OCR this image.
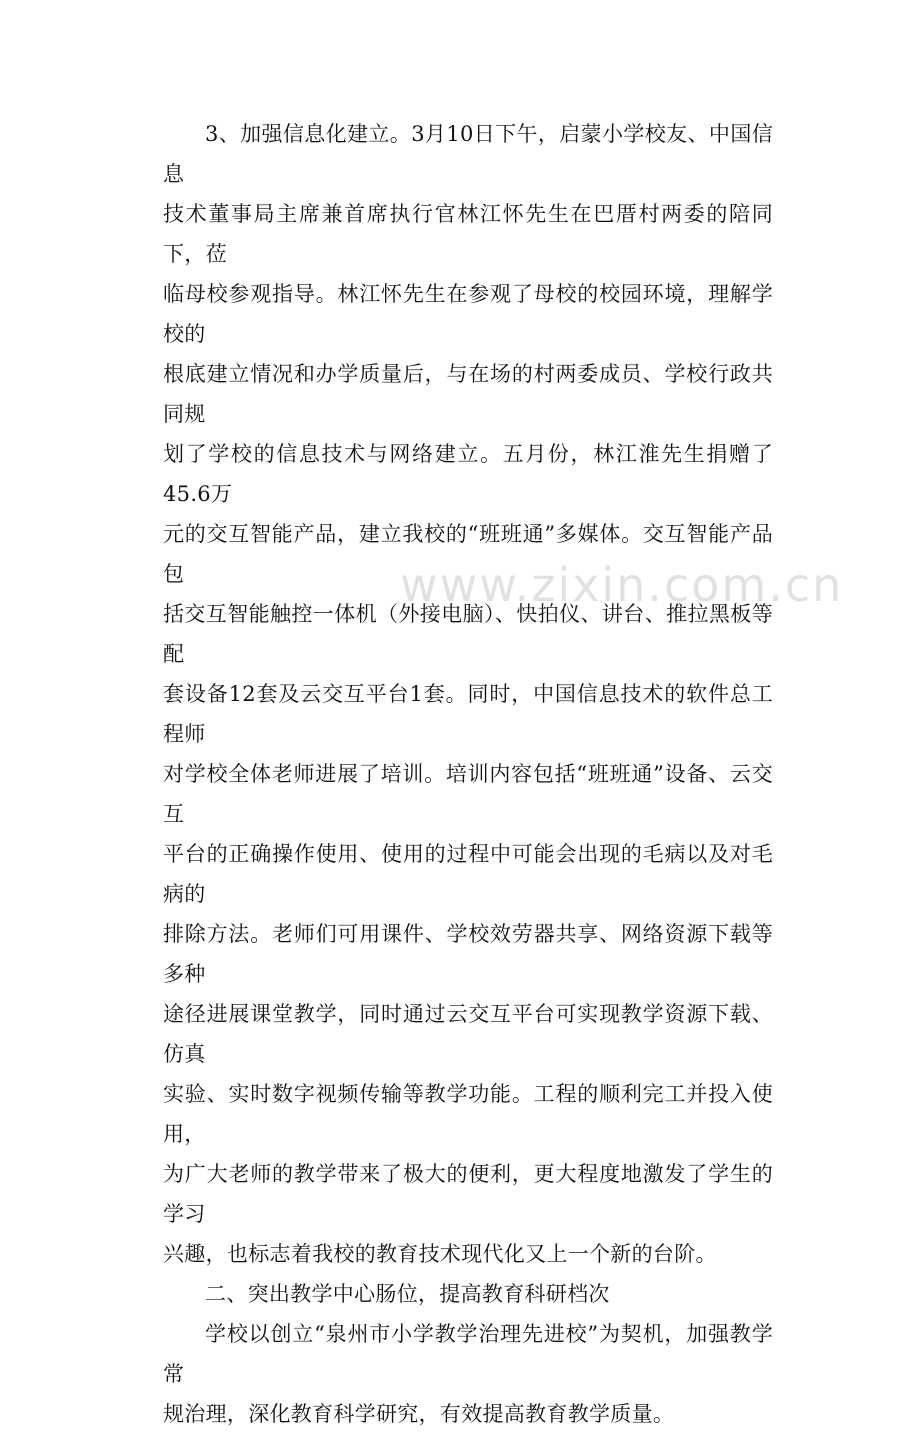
3、加强信息化建立。3月10日下午，启蒙小学校友、中国信息
技术董事局主席兼首席执行官林江怀先生在巴厝村两委的陪同下，莅
临母校参观指导。林江怀先生在参观了母校的校园环境，理解学校的
根底建立情况和办学质量后，与在场的村两委成员、学校行政共同规
划了学校的信息技术与网络建立。五月份，林江淮先生捐赠了45.6万
元的交互智能产品，建立我校的“班班通”多媒体。交互智能产品包
括交互智能触控一体机（外接电脑）、快拍仪、讲台、推拉黑板等配
套设备12套及云交互平台1套。同时，中国信息技术的软件总工程师
对学校全体老师进展了培训。培训内容包括“班班通”设备、云交互
平台的正确操作使用、使用的过程中可能会出现的毛病以及对毛病的
排除方法。老师们可用课件、学校效劳器共享、网络资源下载等多种
途径进展课堂教学，同时通过云交互平台可实现教学资源下载、仿真
实验、实时数字视频传输等教学功能。工程的顺利完工并投入使用，
为广大老师的教学带来了极大的便利，更大程度地激发了学生的学习
兴趣，也标志着我校的教育技术现代化又上一个新的台阶。

二、突出教学中心肠位，提高教育科研档次

学校以创立“泉州市小学教学治理先进校”为契机，加强教学常
规治理，深化教育科学研究，有效提高教育教学质量。

www.zixin.com.cn
